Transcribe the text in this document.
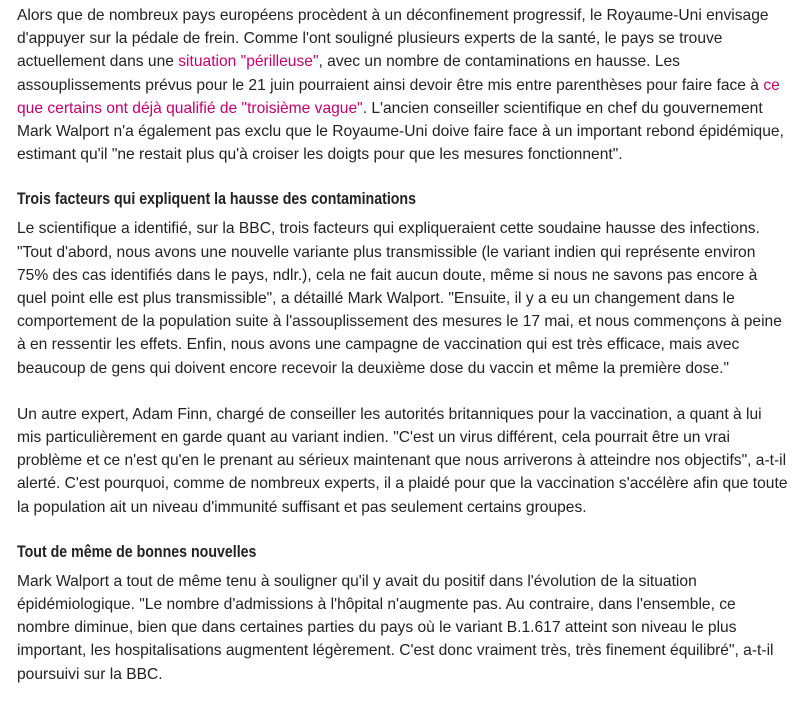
Alors que de nombreux pays européens procèdent à un déconfinement progressif, le Royaume-Uni envisage d'appuyer sur la pédale de frein. Comme l'ont souligné plusieurs experts de la santé, le pays se trouve actuellement dans une situation "périlleuse", avec un nombre de contaminations en hausse. Les assouplissements prévus pour le 21 juin pourraient ainsi devoir être mis entre parenthèses pour faire face à ce que certains ont déjà qualifié de "troisième vague". L'ancien conseiller scientifique en chef du gouvernement Mark Walport n'a également pas exclu que le Royaume-Uni doive faire face à un important rebond épidémique, estimant qu'il "ne restait plus qu'à croiser les doigts pour que les mesures fonctionnent".

Trois facteurs qui expliquent la hausse des contaminations

Le scientifique a identifié, sur la BBC, trois facteurs qui expliqueraient cette soudaine hausse des infections. "Tout d'abord, nous avons une nouvelle variante plus transmissible (le variant indien qui représente environ 75% des cas identifiés dans le pays, ndlr.), cela ne fait aucun doute, même si nous ne savons pas encore à quel point elle est plus transmissible", a détaillé Mark Walport. "Ensuite, il y a eu un changement dans le comportement de la population suite à l'assouplissement des mesures le 17 mai, et nous commençons à peine à en ressentir les effets. Enfin, nous avons une campagne de vaccination qui est très efficace, mais avec beaucoup de gens qui doivent encore recevoir la deuxième dose du vaccin et même la première dose."

Un autre expert, Adam Finn, chargé de conseiller les autorités britanniques pour la vaccination, a quant à lui mis particulièrement en garde quant au variant indien. "C'est un virus différent, cela pourrait être un vrai problème et ce n'est qu'en le prenant au sérieux maintenant que nous arriverons à atteindre nos objectifs", a-t-il alerté. C'est pourquoi, comme de nombreux experts, il a plaidé pour que la vaccination s'accélère afin que toute la population ait un niveau d'immunité suffisant et pas seulement certains groupes.

Tout de même de bonnes nouvelles

Mark Walport a tout de même tenu à souligner qu'il y avait du positif dans l'évolution de la situation épidémiologique. "Le nombre d'admissions à l'hôpital n'augmente pas. Au contraire, dans l'ensemble, ce nombre diminue, bien que dans certaines parties du pays où le variant B.1.617 atteint son niveau le plus important, les hospitalisations augmentent légèrement. C'est donc vraiment très, très finement équilibré", a-t-il poursuivi sur la BBC.
